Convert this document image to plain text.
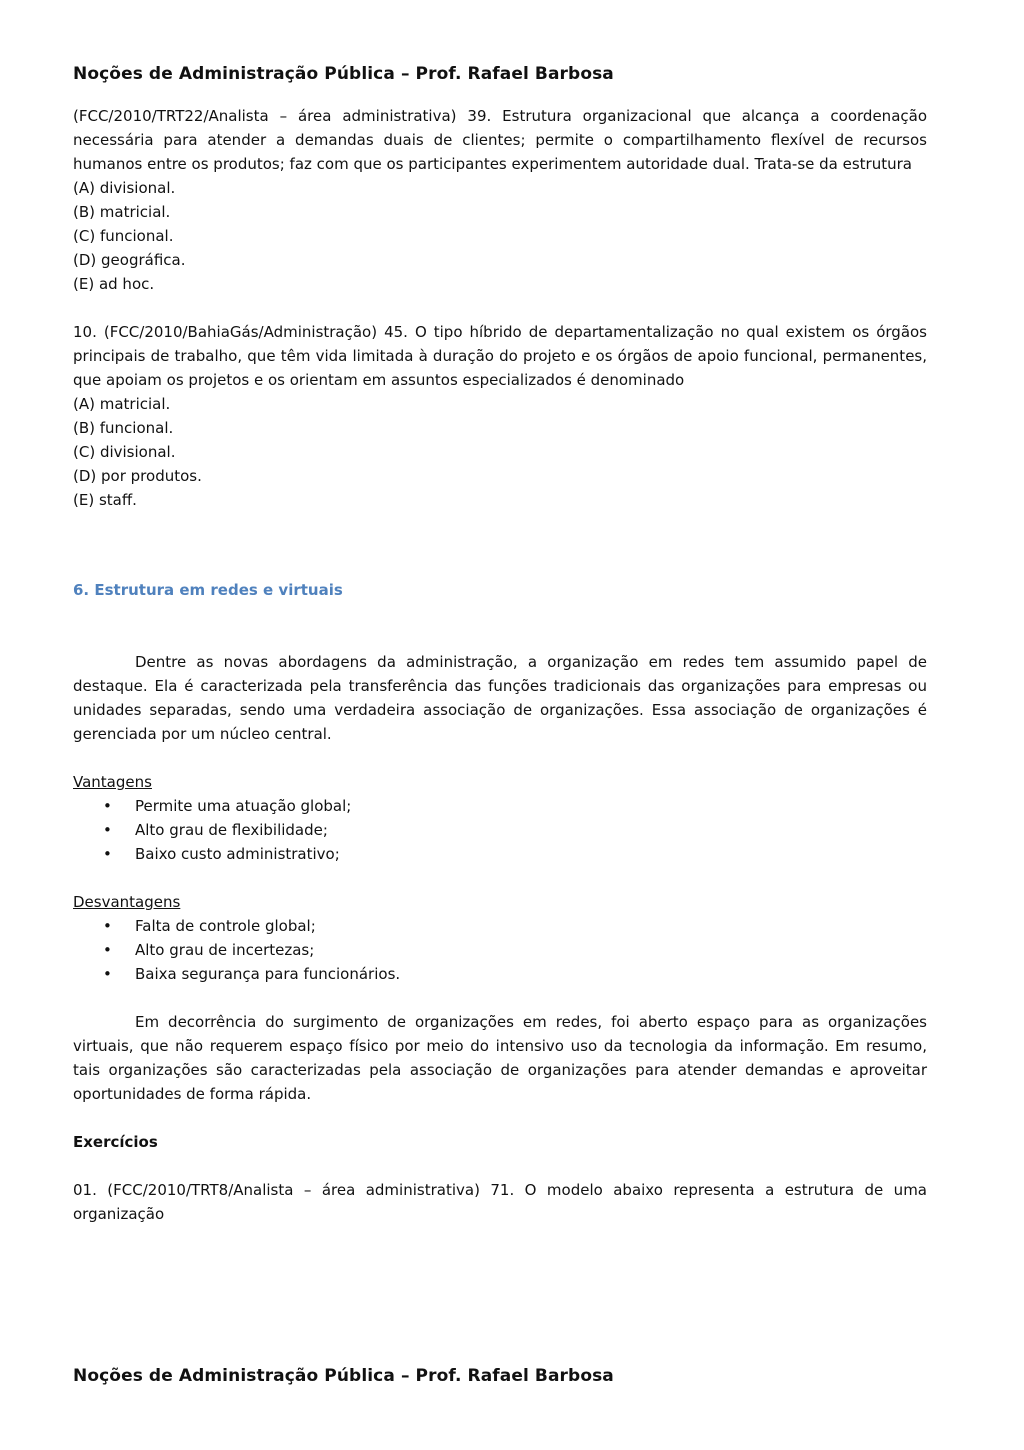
Noções de Administração Pública – Prof. Rafael Barbosa

(FCC/2010/TRT22/Analista – área administrativa) 39. Estrutura organizacional que alcança a coordenação necessária para atender a demandas duais de clientes; permite o compartilhamento flexível de recursos humanos entre os produtos; faz com que os participantes experimentem autoridade dual. Trata-se da estrutura

(A) divisional.

(B) matricial.

(C) funcional.

(D) geográfica.

(E) ad hoc.

10. (FCC/2010/BahiaGás/Administração) 45. O tipo híbrido de departamentalização no qual existem os órgãos principais de trabalho, que têm vida limitada à duração do projeto e os órgãos de apoio funcional, permanentes, que apoiam os projetos e os orientam em assuntos especializados é denominado

(A) matricial.

(B) funcional.

(C) divisional.

(D) por produtos.

(E) staff.

6. Estrutura em redes e virtuais

Dentre as novas abordagens da administração, a organização em redes tem assumido papel de destaque. Ela é caracterizada pela transferência das funções tradicionais das organizações para empresas ou unidades separadas, sendo uma verdadeira associação de organizações. Essa associação de organizações é gerenciada por um núcleo central.

Vantagens

• Permite uma atuação global;
• Alto grau de flexibilidade;
• Baixo custo administrativo;

Desvantagens

• Falta de controle global;
• Alto grau de incertezas;
• Baixa segurança para funcionários.

Em decorrência do surgimento de organizações em redes, foi aberto espaço para as organizações virtuais, que não requerem espaço físico por meio do intensivo uso da tecnologia da informação. Em resumo, tais organizações são caracterizadas pela associação de organizações para atender demandas e aproveitar oportunidades de forma rápida.

Exercícios

01. (FCC/2010/TRT8/Analista – área administrativa) 71. O modelo abaixo representa a estrutura de uma organização

Noções de Administração Pública – Prof. Rafael Barbosa
